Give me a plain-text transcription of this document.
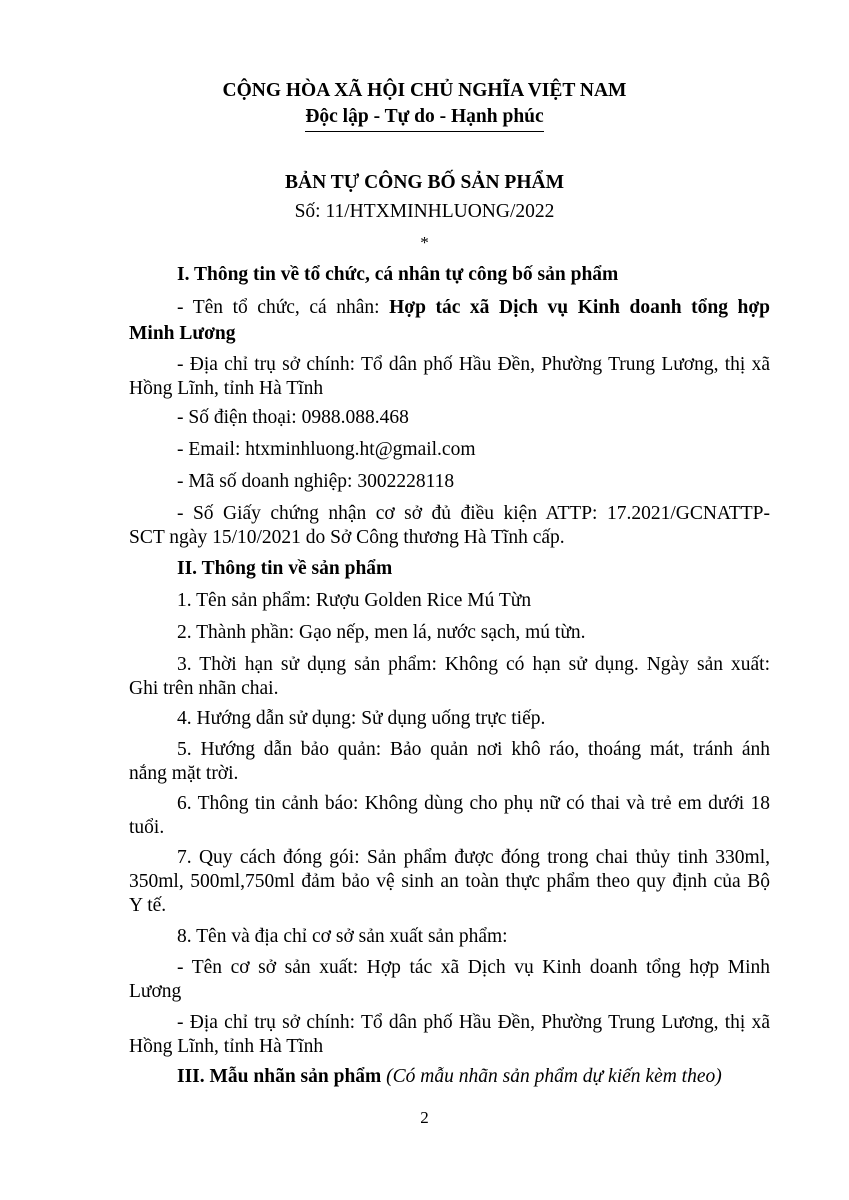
CỘNG HÒA XÃ HỘI CHỦ NGHĨA VIỆT NAM
Độc lập - Tự do - Hạnh phúc
BẢN TỰ CÔNG BỐ SẢN PHẨM
Số: 11/HTXMINHLUONG/2022
*
I. Thông tin về tổ chức, cá nhân tự công bố sản phẩm
- Tên tổ chức, cá nhân: Hợp tác xã Dịch vụ Kinh doanh tổng hợp
Minh Lương
- Địa chỉ trụ sở chính: Tổ dân phố Hầu Đền, Phường Trung Lương, thị xã
Hồng Lĩnh, tỉnh Hà Tĩnh
- Số điện thoại: 0988.088.468
- Email: htxminhluong.ht@gmail.com
- Mã số doanh nghiệp: 3002228118
- Số Giấy chứng nhận cơ sở đủ điều kiện ATTP: 17.2021/GCNATTP-
SCT ngày 15/10/2021 do Sở Công thương Hà Tĩnh cấp.
II. Thông tin về sản phẩm
1. Tên sản phẩm: Rượu Golden Rice Mú Từn
2. Thành phần: Gạo nếp, men lá, nước sạch, mú từn.
3. Thời hạn sử dụng sản phẩm: Không có hạn sử dụng. Ngày sản xuất:
Ghi trên nhãn chai.
4. Hướng dẫn sử dụng: Sử dụng uống trực tiếp.
5. Hướng dẫn bảo quản: Bảo quản nơi khô ráo, thoáng mát, tránh ánh
nắng mặt trời.
6. Thông tin cảnh báo: Không dùng cho phụ nữ có thai và trẻ em dưới 18
tuổi.
7. Quy cách đóng gói: Sản phẩm được đóng trong chai thủy tinh 330ml,
350ml, 500ml,750ml đảm bảo vệ sinh an toàn thực phẩm theo quy định của Bộ
Y tế.
8. Tên và địa chỉ cơ sở sản xuất sản phẩm:
- Tên cơ sở sản xuất: Hợp tác xã Dịch vụ Kinh doanh tổng hợp Minh
Lương
- Địa chỉ trụ sở chính: Tổ dân phố Hầu Đền, Phường Trung Lương, thị xã
Hồng Lĩnh, tỉnh Hà Tĩnh
III. Mẫu nhãn sản phẩm (Có mẫu nhãn sản phẩm dự kiến kèm theo)
2
